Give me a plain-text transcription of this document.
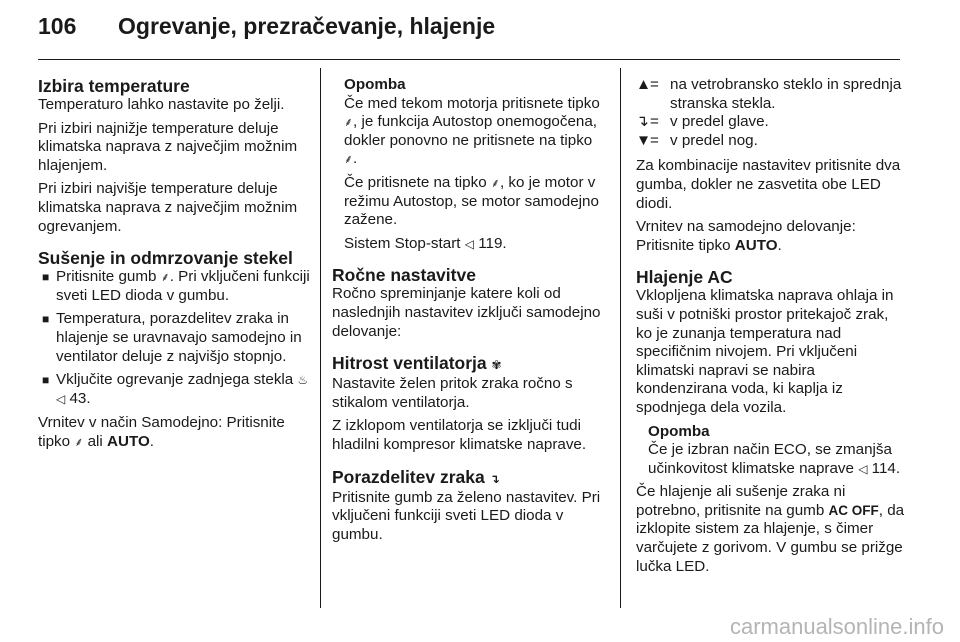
106 Ogrevanje, prezračevanje, hlajenje
Izbira temperature

Temperaturo lahko nastavite po želji.

Pri izbiri najnižje temperature deluje klimatska naprava z največjim možnim hlajenjem.

Pri izbiri najvišje temperature deluje klimatska naprava z največjim možnim ogrevanjem.

Sušenje in odmrzovanje stekel
■ Pritisnite gumb ⸙. Pri vključeni funkciji sveti LED dioda v gumbu.
■ Temperatura, porazdelitev zraka in hlajenje se uravnavajo samodejno in ventilator deluje z najvišjo stopnjo.
■ Vključite ogrevanje zadnjega stekla ♨ ◁ 43.

Vrnitev v način Samodejno: Pritisnite tipko ⸙ ali AUTO.

Opomba

Če med tekom motorja pritisnete tipko ⸙, je funkcija Autostop onemogočena, dokler ponovno ne pritisnete na tipko ⸙.

Če pritisnete na tipko ⸙, ko je motor v režimu Autostop, se motor samodejno zažene.

Sistem Stop-start ◁ 119.

Ročne nastavitve

Ročno spreminjanje katere koli od naslednjih nastavitev izključi samodejno delovanje:

Hitrost ventilatorja ✾

Nastavite želen pritok zraka ročno s stikalom ventilatorja.

Z izklopom ventilatorja se izključi tudi hladilni kompresor klimatske naprave.

Porazdelitev zraka ↴

Pritisnite gumb za želeno nastavitev. Pri vključeni funkciji sveti LED dioda v gumbu.

▲
= na vetrobransko steklo in sprednja stranska stekla.
↴ = v predel glave.
▼
= v predel nog.

Za kombinacije nastavitev pritisnite dva gumba, dokler ne zasvetita obe LED diodi.

Vrnitev na samodejno delovanje: Pritisnite tipko AUTO.

Hlajenje AC

Vklopljena klimatska naprava ohlaja in suši v potniški prostor pritekajoč zrak, ko je zunanja temperatura nad specifičnim nivojem. Pri vključeni klimatski napravi se nabira kondenzirana voda, ki kaplja iz spodnjega dela vozila.

Opomba

Če je izbran način ECO, se zmanjša učinkovitost klimatske naprave ◁ 114.

Če hlajenje ali sušenje zraka ni potrebno, pritisnite na gumb AC OFF, da izklopite sistem za hlajenje, s čimer varčujete z gorivom. V gumbu se prižge lučka LED.

carmanualsonline.info
